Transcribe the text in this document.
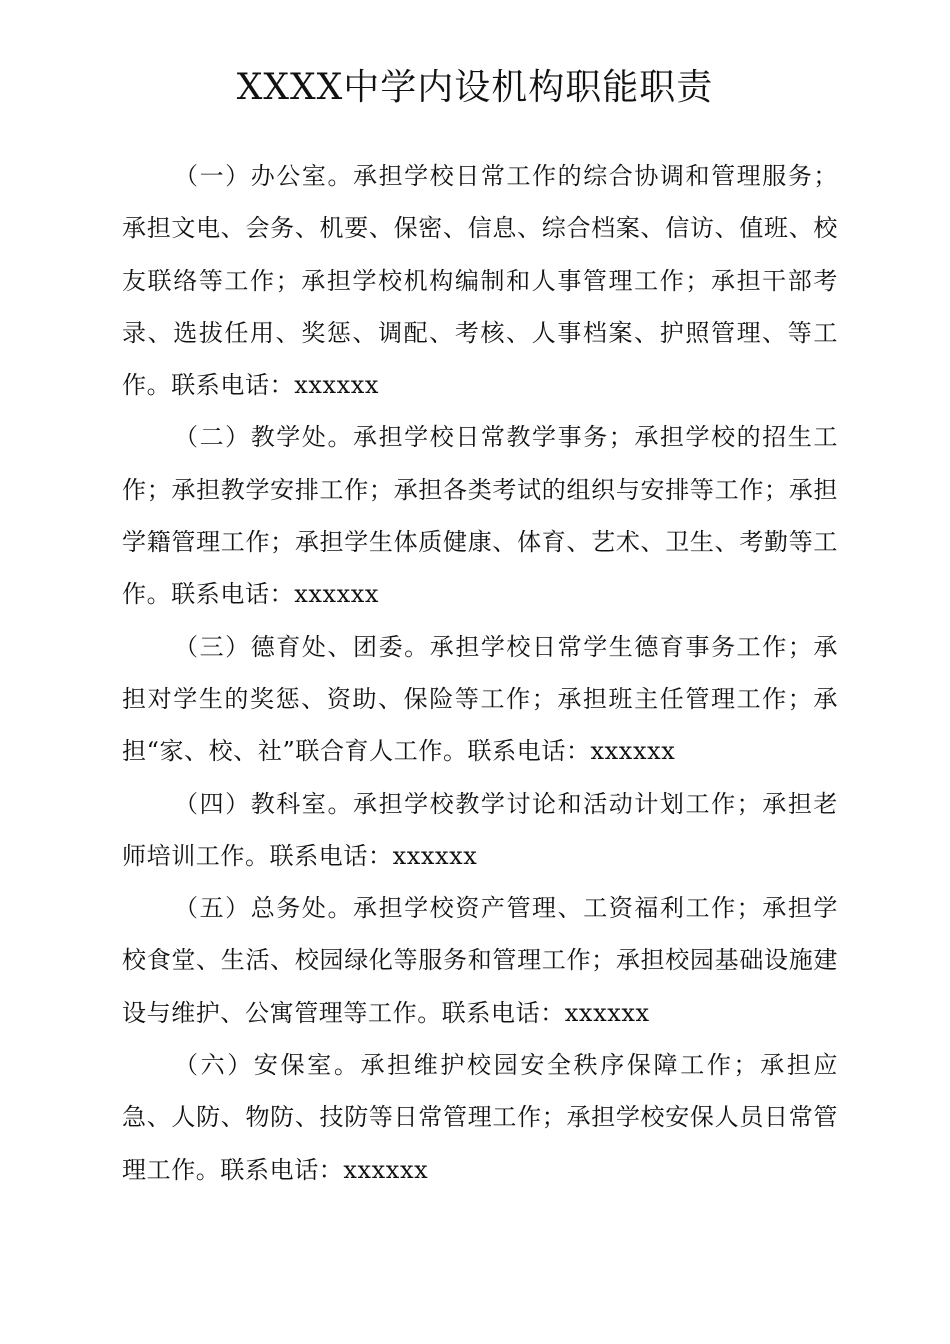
XXXX中学内设机构职能职责

（一）办公室。承担学校日常工作的综合协调和管理服务；承担文电、会务、机要、保密、信息、综合档案、信访、值班、校友联络等工作；承担学校机构编制和人事管理工作；承担干部考录、选拔任用、奖惩、调配、考核、人事档案、护照管理、等工作。联系电话：xxxxxx

（二）教学处。承担学校日常教学事务；承担学校的招生工作；承担教学安排工作；承担各类考试的组织与安排等工作；承担学籍管理工作；承担学生体质健康、体育、艺术、卫生、考勤等工作。联系电话：xxxxxx

（三）德育处、团委。承担学校日常学生德育事务工作；承担对学生的奖惩、资助、保险等工作；承担班主任管理工作；承担“家、校、社”联合育人工作。联系电话：xxxxxx

（四）教科室。承担学校教学讨论和活动计划工作；承担老师培训工作。联系电话：xxxxxx

（五）总务处。承担学校资产管理、工资福利工作；承担学校食堂、生活、校园绿化等服务和管理工作；承担校园基础设施建设与维护、公寓管理等工作。联系电话：xxxxxx

（六）安保室。承担维护校园安全秩序保障工作；承担应急、人防、物防、技防等日常管理工作；承担学校安保人员日常管理工作。联系电话：xxxxxx
